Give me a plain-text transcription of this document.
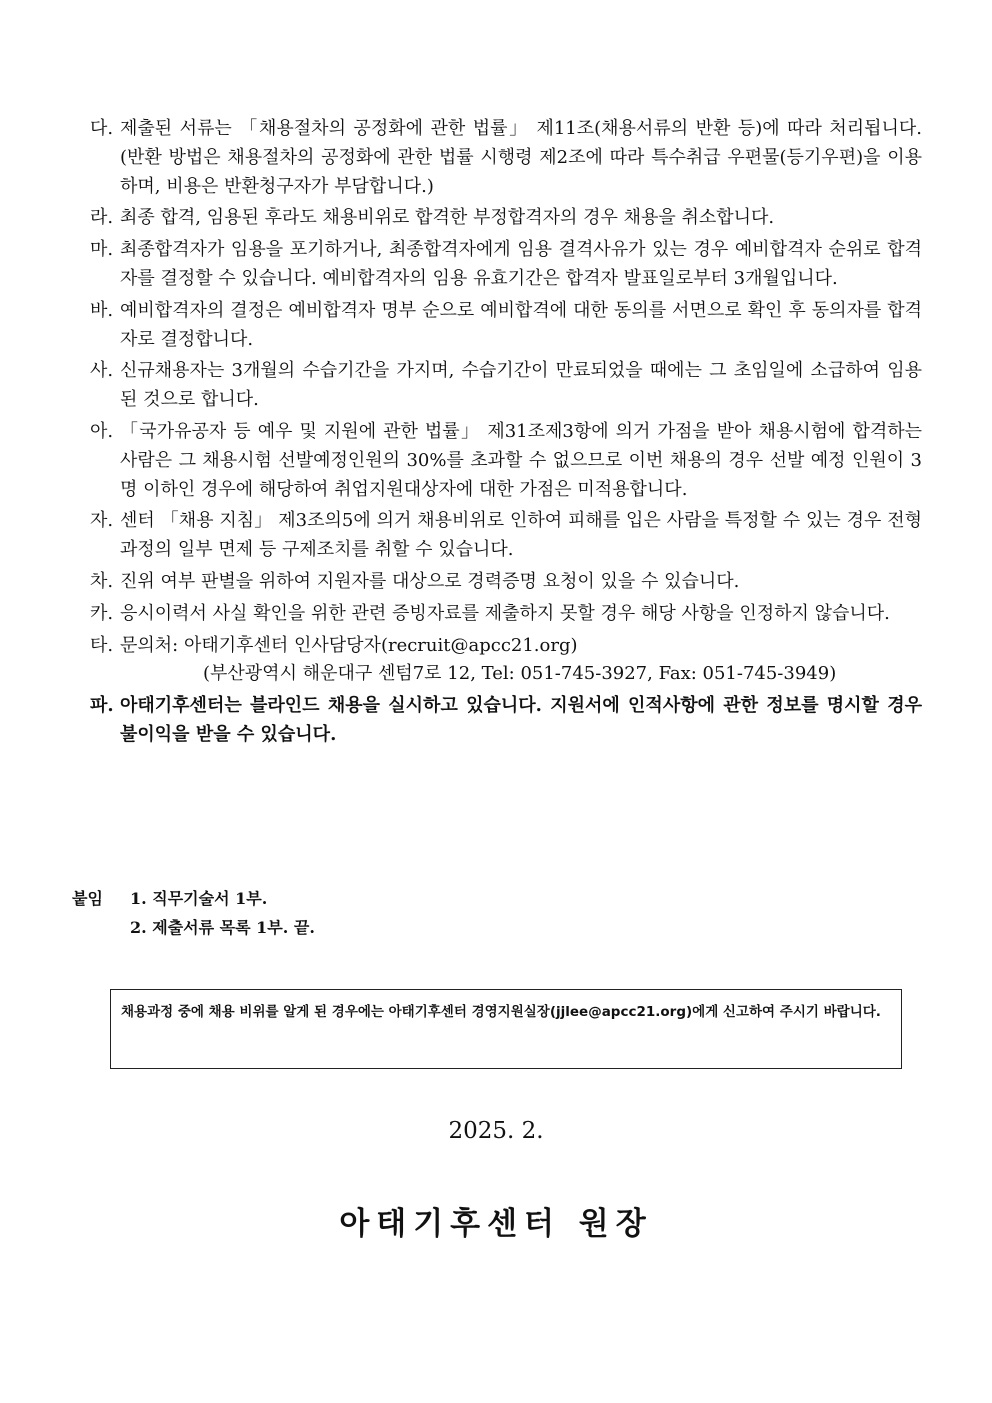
다. 제출된 서류는 「채용절차의 공정화에 관한 법률」 제11조(채용서류의 반환 등)에 따라 처리됩니다.(반환 방법은 채용절차의 공정화에 관한 법률 시행령 제2조에 따라 특수취급 우편물(등기우편)을 이용하며, 비용은 반환청구자가 부담합니다.)
라. 최종 합격, 임용된 후라도 채용비위로 합격한 부정합격자의 경우 채용을 취소합니다.
마. 최종합격자가 임용을 포기하거나, 최종합격자에게 임용 결격사유가 있는 경우 예비합격자 순위로 합격자를 결정할 수 있습니다. 예비합격자의 임용 유효기간은 합격자 발표일로부터 3개월입니다.
바. 예비합격자의 결정은 예비합격자 명부 순으로 예비합격에 대한 동의를 서면으로 확인 후 동의자를 합격자로 결정합니다.
사. 신규채용자는 3개월의 수습기간을 가지며, 수습기간이 만료되었을 때에는 그 초임일에 소급하여 임용된 것으로 합니다.
아. 「국가유공자 등 예우 및 지원에 관한 법률」 제31조제3항에 의거 가점을 받아 채용시험에 합격하는 사람은 그 채용시험 선발예정인원의 30%를 초과할 수 없으므로 이번 채용의 경우 선발 예정 인원이 3명 이하인 경우에 해당하여 취업지원대상자에 대한 가점은 미적용합니다.
자. 센터 「채용 지침」 제3조의5에 의거 채용비위로 인하여 피해를 입은 사람을 특정할 수 있는 경우 전형 과정의 일부 면제 등 구제조치를 취할 수 있습니다.
차. 진위 여부 판별을 위하여 지원자를 대상으로 경력증명 요청이 있을 수 있습니다.
카. 응시이력서 사실 확인을 위한 관련 증빙자료를 제출하지 못할 경우 해당 사항을 인정하지 않습니다.
타. 문의처: 아태기후센터 인사담당자(recruit@apcc21.org)
(부산광역시 해운대구 센텀7로 12, Tel: 051-745-3927, Fax: 051-745-3949)
파. 아태기후센터는 블라인드 채용을 실시하고 있습니다. 지원서에 인적사항에 관한 정보를 명시할 경우 불이익을 받을 수 있습니다.
붙임	1. 직무기술서 1부.
2. 제출서류 목록 1부. 끝.
채용과정 중에 채용 비위를 알게 된 경우에는 아태기후센터 경영지원실장(jjlee@apcc21.org)에게 신고하여 주시기 바랍니다.
2025. 2.
아태기후센터 원장
